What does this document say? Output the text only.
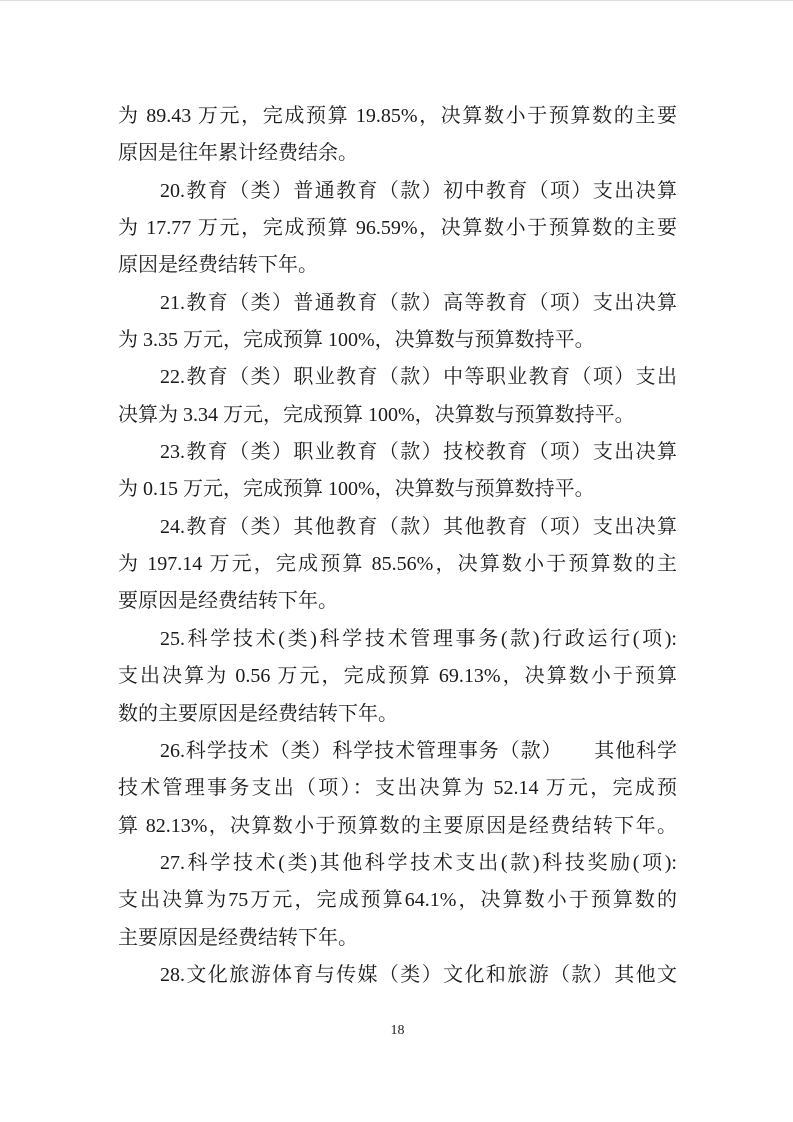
为 89.43 万元，完成预算 19.85%，决算数小于预算数的主要
原因是往年累计经费结余。
20.教育（类）普通教育（款）初中教育（项）支出决算
为 17.77 万元，完成预算 96.59%，决算数小于预算数的主要
原因是经费结转下年。
21.教育（类）普通教育（款）高等教育（项）支出决算
为 3.35 万元，完成预算 100%，决算数与预算数持平。
22.教育（类）职业教育（款）中等职业教育（项）支出
决算为 3.34 万元，完成预算 100%，决算数与预算数持平。
23.教育（类）职业教育（款）技校教育（项）支出决算
为 0.15 万元，完成预算 100%，决算数与预算数持平。
24.教育（类）其他教育（款）其他教育（项）支出决算
为 197.14 万元，完成预算 85.56%，决算数小于预算数的主
要原因是经费结转下年。
25.科学技术(类)科学技术管理事务(款)行政运行(项):
支出决算为 0.56 万元，完成预算 69.13%，决算数小于预算
数的主要原因是经费结转下年。
26.科学技术（类）科学技术管理事务（款）　　其他科学
技术管理事务支出（项）：支出决算为 52.14 万元，完成预
算 82.13%，决算数小于预算数的主要原因是经费结转下年。
27.科学技术(类)其他科学技术支出(款)科技奖励(项):
支出决算为75万元，完成预算64.1%，决算数小于预算数的
主要原因是经费结转下年。
28.文化旅游体育与传媒（类）文化和旅游（款）其他文
18
